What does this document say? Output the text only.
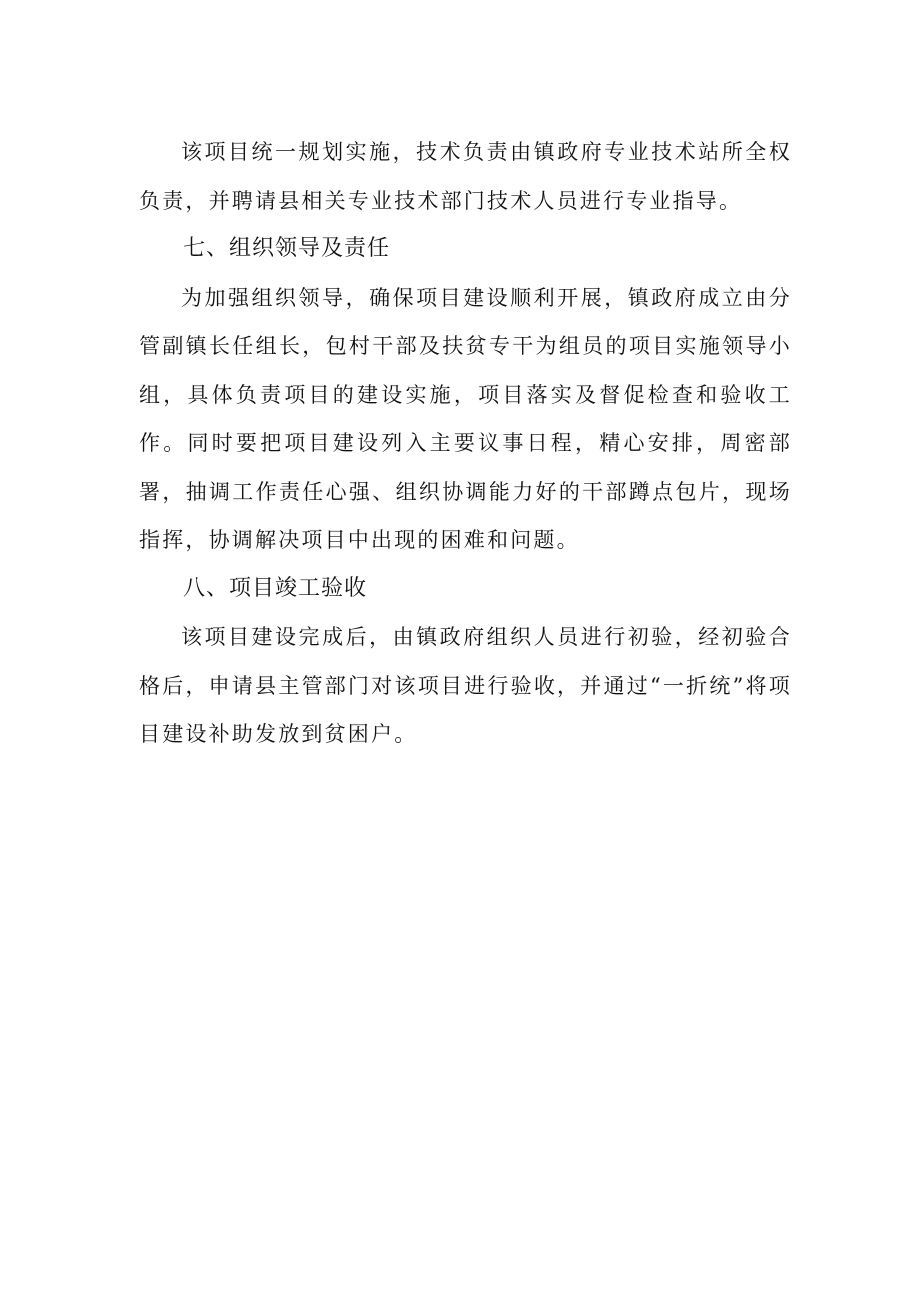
该项目统一规划实施，技术负责由镇政府专业技术站所全权负责，并聘请县相关专业技术部门技术人员进行专业指导。

七、组织领导及责任

为加强组织领导，确保项目建设顺利开展，镇政府成立由分管副镇长任组长，包村干部及扶贫专干为组员的项目实施领导小组，具体负责项目的建设实施，项目落实及督促检查和验收工作。同时要把项目建设列入主要议事日程，精心安排，周密部署，抽调工作责任心强、组织协调能力好的干部蹲点包片，现场指挥，协调解决项目中出现的困难和问题。

八、项目竣工验收

该项目建设完成后，由镇政府组织人员进行初验，经初验合格后，申请县主管部门对该项目进行验收，并通过“一折统”将项目建设补助发放到贫困户。
